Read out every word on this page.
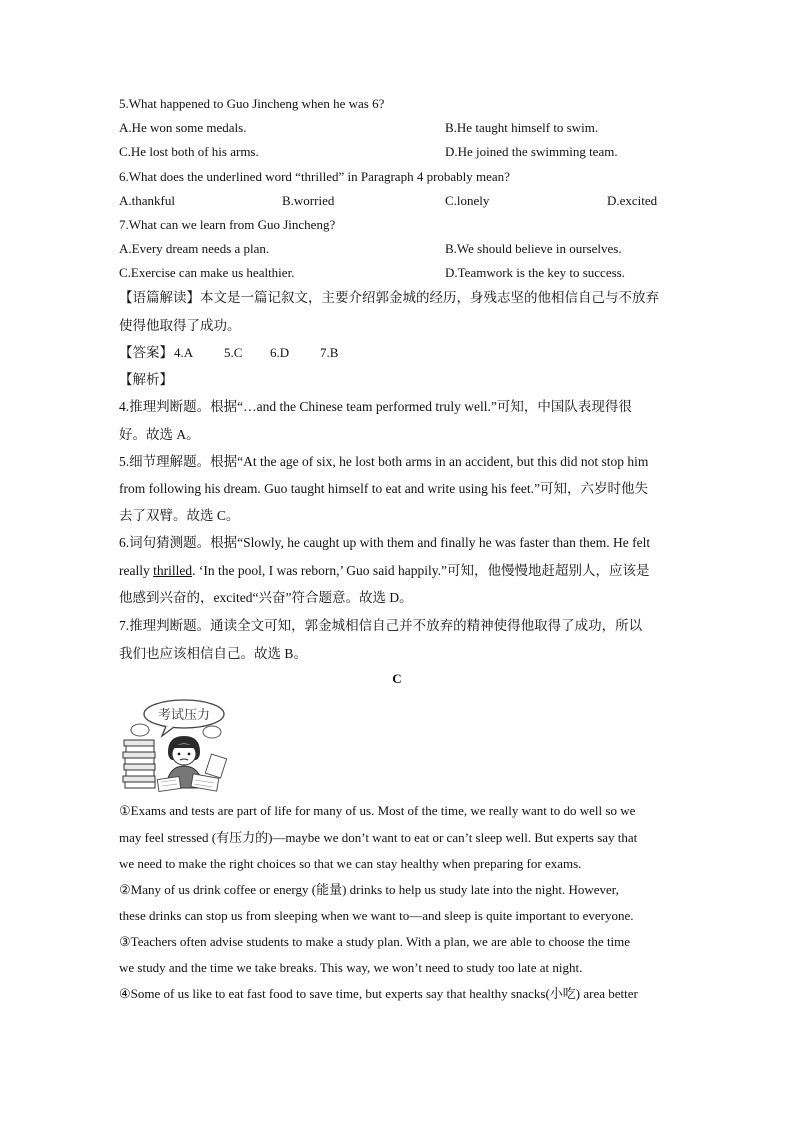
5.What happened to Guo Jincheng when he was 6?
A.He won some medals.	B.He taught himself to swim.
C.He lost both of his arms.	D.He joined the swimming team.
6.What does the underlined word “thrilled” in Paragraph 4 probably mean?
A.thankful	B.worried	C.lonely	D.excited
7.What can we learn from Guo Jincheng?
A.Every dream needs a plan.	B.We should believe in ourselves.
C.Exercise can make us healthier.	D.Teamwork is the key to success.
【语篇解读】本文是一篇记叙文，主要介绍郭金城的经历，身残志坚的他相信自己与不放弃
使得他取得了成功。
【答案】 4.A 5.C 6.D 7.B
【解析】
4.推理判断题。根据“…and the Chinese team performed truly well.”可知，中国队表现得很
好。故选 A。
5.细节理解题。根据“At the age of six, he lost both arms in an accident, but this did not stop him
from following his dream. Guo taught himself to eat and write using his feet.”可知，六岁时他失
去了双臂。故选 C。
6.词句猜测题。根据“Slowly, he caught up with them and finally he was faster than them. He felt
really thrilled. ‘In the pool, I was reborn,’ Guo said happily.”可知，他慢慢地赶超别人，应该是
他感到兴奋的，excited“兴奋”符合题意。故选 D。
7.推理判断题。通读全文可知，郭金城相信自己并不放弃的精神使得他取得了成功，所以
我们也应该相信自己。故选 B。
C
考试压力
①Exams and tests are part of life for many of us. Most of the time, we really want to do well so we
may feel stressed (有压力的)—maybe we don’t want to eat or can’t sleep well. But experts say that
we need to make the right choices so that we can stay healthy when preparing for exams.
②Many of us drink coffee or energy (能量) drinks to help us study late into the night. However,
these drinks can stop us from sleeping when we want to—and sleep is quite important to everyone.
③Teachers often advise students to make a study plan. With a plan, we are able to choose the time
we study and the time we take breaks. This way, we won’t need to study too late at night.
④Some of us like to eat fast food to save time, but experts say that healthy snacks(小吃) area better
